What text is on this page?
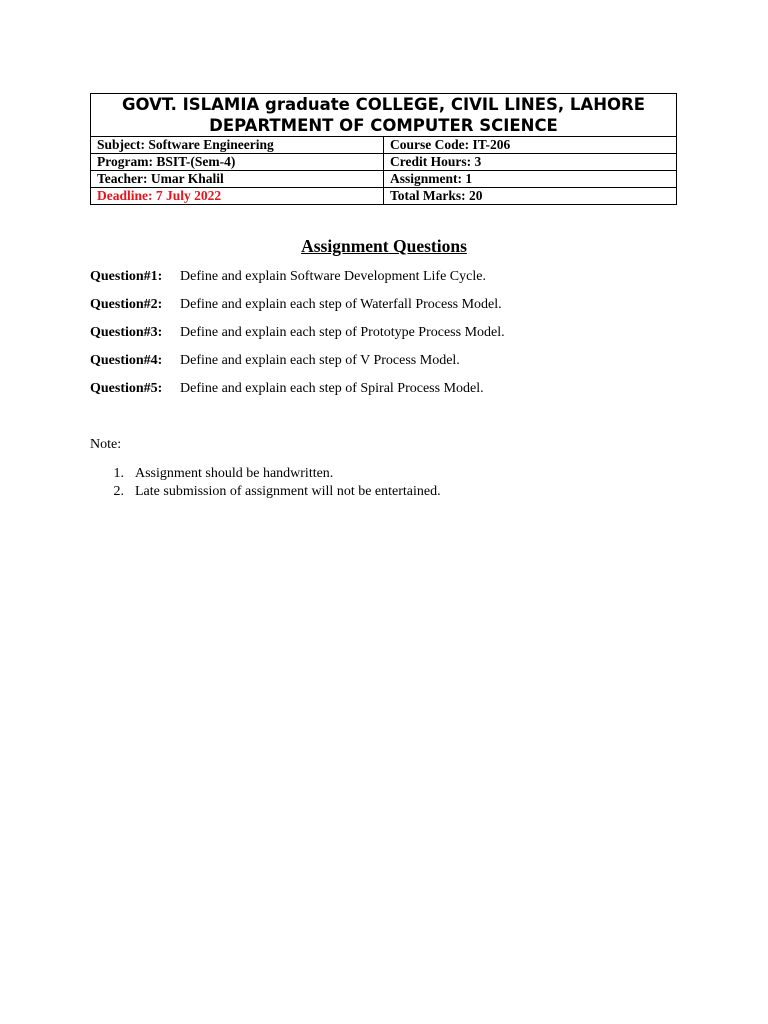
GOVT. ISLAMIA graduate COLLEGE, CIVIL LINES, LAHORE
DEPARTMENT OF COMPUTER SCIENCE	

Subject: Software Engineering	Course Code: IT-206
Program: BSIT-(Sem-4)	Credit Hours: 3
Teacher: Umar Khalil	Assignment: 1
Deadline: 7 July 2022	Total Marks: 20
Assignment Questions
Question#1: Define and explain Software Development Life Cycle.
Question#2: Define and explain each step of Waterfall Process Model.
Question#3: Define and explain each step of Prototype Process Model.
Question#4: Define and explain each step of V Process Model.
Question#5: Define and explain each step of Spiral Process Model.
Note:
1. Assignment should be handwritten.
2. Late submission of assignment will not be entertained.
